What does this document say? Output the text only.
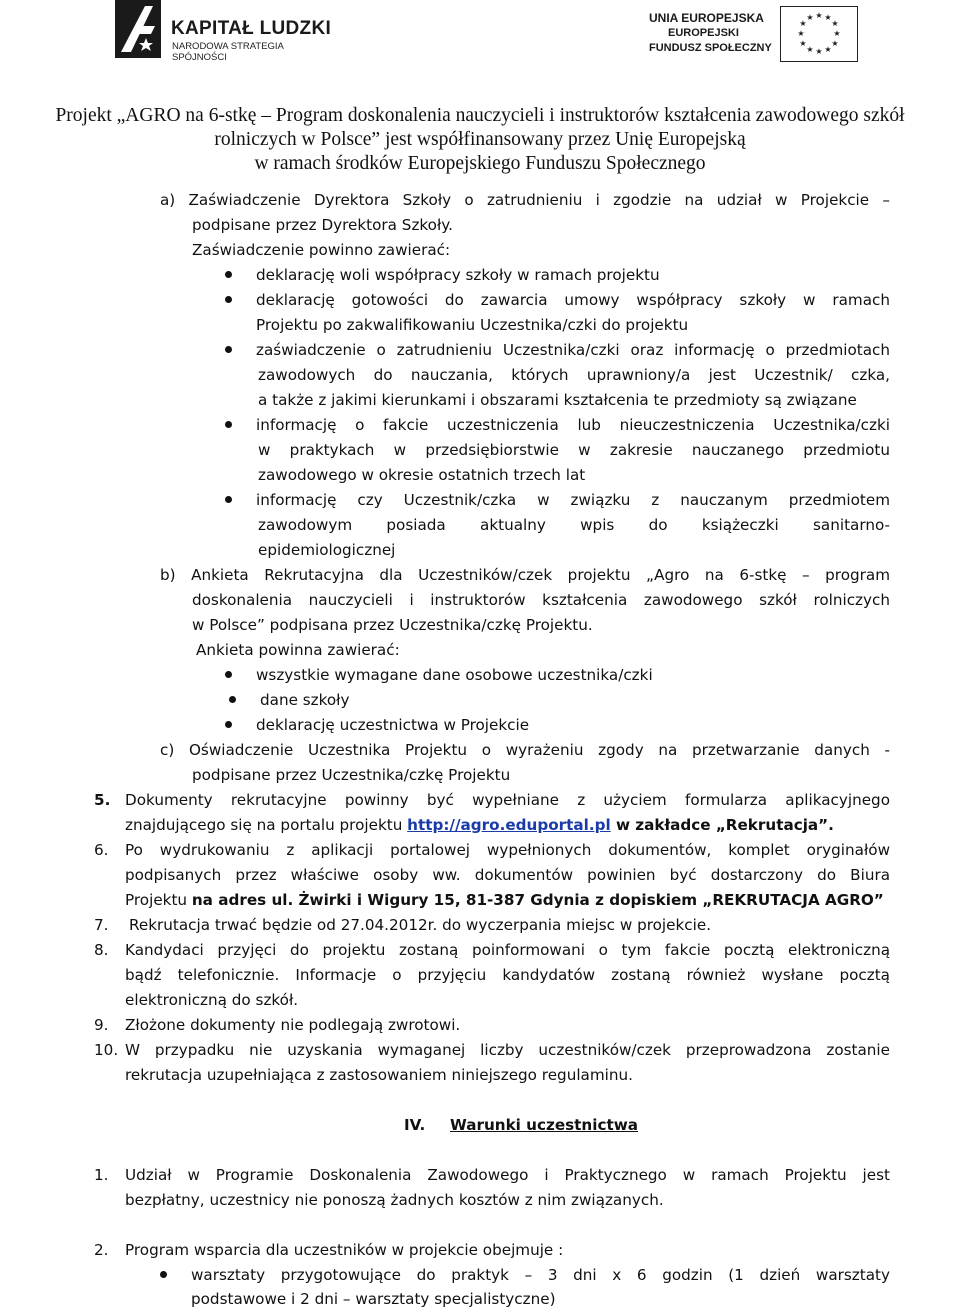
KAPITAŁ LUDZKI
NARODOWA STRATEGIA SPÓJNOŚCI
UNIA EUROPEJSKA
EUROPEJSKI
FUNDUSZ SPOŁECZNY
★ ★
★
★
★
★
★
★
★
★
★
★
Projekt „AGRO na 6-stkę – Program doskonalenia nauczycieli i instruktorów kształcenia zawodowego szkół
rolniczych w Polsce” jest współfinansowany przez Unię Europejską
w ramach środków Europejskiego Funduszu Społecznego
a) Zaświadczenie Dyrektora Szkoły o zatrudnieniu i zgodzie na udział w Projekcie –
podpisane przez Dyrektora Szkoły.
Zaświadczenie powinno zawierać:
deklarację woli współpracy szkoły w ramach projektu
deklarację gotowości do zawarcia umowy współpracy szkoły w ramach
Projektu po zakwalifikowaniu Uczestnika/czki do projektu
zaświadczenie o zatrudnieniu Uczestnika/czki oraz informację o przedmiotach
zawodowych do nauczania, których uprawniony/a jest Uczestnik/ czka,
a także z jakimi kierunkami i obszarami kształcenia te przedmioty są związane
informację o fakcie uczestniczenia lub nieuczestniczenia Uczestnika/czki
w praktykach w przedsiębiorstwie w zakresie nauczanego przedmiotu
zawodowego w okresie ostatnich trzech lat
informację czy Uczestnik/czka w związku z nauczanym przedmiotem
zawodowym posiada aktualny wpis do książeczki sanitarno-
epidemiologicznej
b) Ankieta Rekrutacyjna dla Uczestników/czek projektu „Agro na 6-stkę – program
doskonalenia nauczycieli i instruktorów kształcenia zawodowego szkół rolniczych
w Polsce” podpisana przez Uczestnika/czkę Projektu.
Ankieta powinna zawierać:
wszystkie wymagane dane osobowe uczestnika/czki
dane szkoły
deklarację uczestnictwa w Projekcie
c) Oświadczenie Uczestnika Projektu o wyrażeniu zgody na przetwarzanie danych -
podpisane przez Uczestnika/czkę Projektu
5. Dokumenty rekrutacyjne powinny być wypełniane z użyciem formularza aplikacyjnego
znajdującego się na portalu projektu http://agro.eduportal.pl w zakładce „Rekrutacja”.
6. Po wydrukowaniu z aplikacji portalowej wypełnionych dokumentów, komplet oryginałów
podpisanych przez właściwe osoby ww. dokumentów powinien być dostarczony do Biura
Projektu na adres ul. Żwirki i Wigury 15, 81-387 Gdynia z dopiskiem „REKRUTACJA AGRO”
7. Rekrutacja trwać będzie od 27.04.2012r. do wyczerpania miejsc w projekcie.
8. Kandydaci przyjęci do projektu zostaną poinformowani o tym fakcie pocztą elektroniczną
bądź telefonicznie. Informacje o przyjęciu kandydatów zostaną również wysłane pocztą
elektroniczną do szkół.
9. Złożone dokumenty nie podlegają zwrotowi.
10. W przypadku nie uzyskania wymaganej liczby uczestników/czek przeprowadzona zostanie
rekrutacja uzupełniająca z zastosowaniem niniejszego regulaminu.
IV. Warunki uczestnictwa
1. Udział w Programie Doskonalenia Zawodowego i Praktycznego w ramach Projektu jest
bezpłatny, uczestnicy nie ponoszą żadnych kosztów z nim związanych.
2. Program wsparcia dla uczestników w projekcie obejmuje :
warsztaty przygotowujące do praktyk – 3 dni x 6 godzin (1 dzień warsztaty
podstawowe i 2 dni – warsztaty specjalistyczne)
